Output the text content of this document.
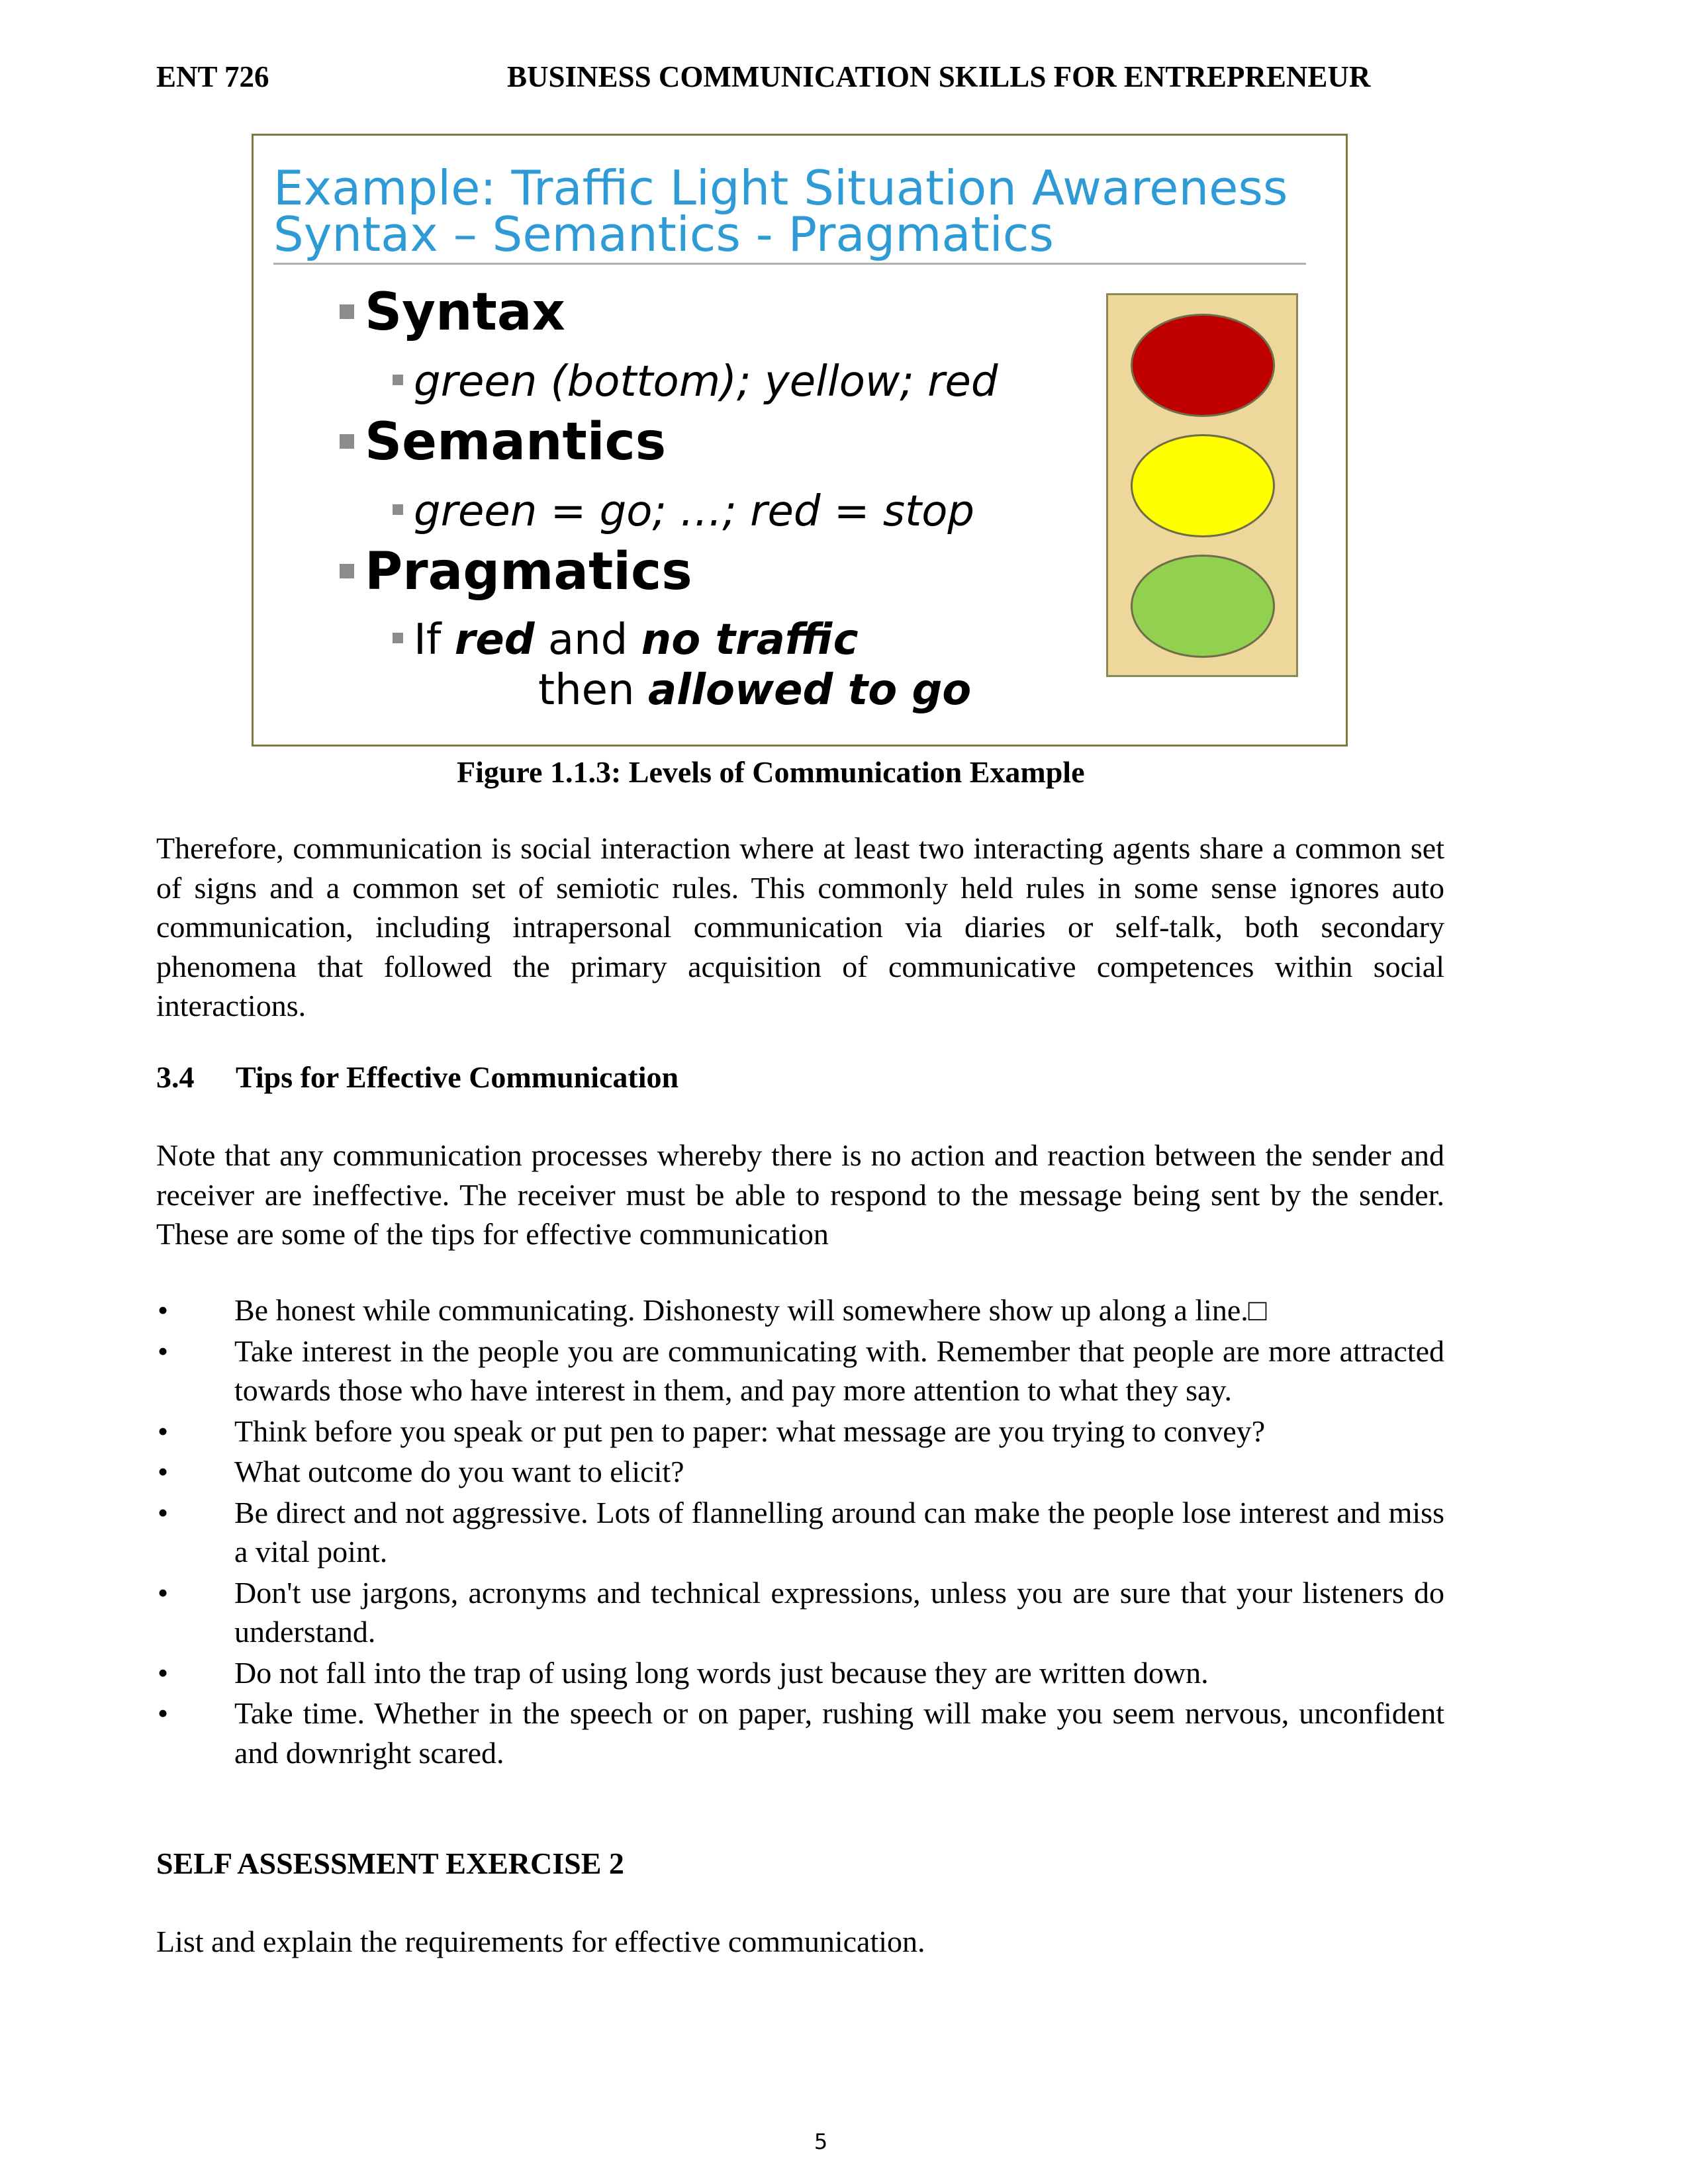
ENT 726	BUSINESS COMMUNICATION SKILLS FOR ENTREPRENEUR
Example: Traffic Light Situation Awareness
Syntax – Semantics - Pragmatics
Syntax
green (bottom); yellow; red
Semantics
green = go; …; red = stop
Pragmatics
If red and no traffic
then allowed to go
Figure 1.1.3: Levels of Communication Example
Therefore, communication is social interaction where at least two interacting agents share a common set of signs and a common set of semiotic rules. This commonly held rules in some sense ignores auto communication, including intrapersonal communication via diaries or self-talk, both secondary phenomena that followed the primary acquisition of communicative competences within social interactions.
3.4 Tips for Effective Communication
Note that any communication processes whereby there is no action and reaction between the sender and receiver are ineffective. The receiver must be able to respond to the message being sent by the sender. These are some of the tips for effective communication
• Be honest while communicating. Dishonesty will somewhere show up along a line.□
• Take interest in the people you are communicating with. Remember that people are more attracted towards those who have interest in them, and pay more attention to what they say.
• Think before you speak or put pen to paper: what message are you trying to convey?
• What outcome do you want to elicit?
• Be direct and not aggressive. Lots of flannelling around can make the people lose interest and miss a vital point.
• Don't use jargons, acronyms and technical expressions, unless you are sure that your listeners do understand.
• Do not fall into the trap of using long words just because they are written down.
• Take time. Whether in the speech or on paper, rushing will make you seem nervous, unconfident and downright scared.
SELF ASSESSMENT EXERCISE 2
List and explain the requirements for effective communication.
5
